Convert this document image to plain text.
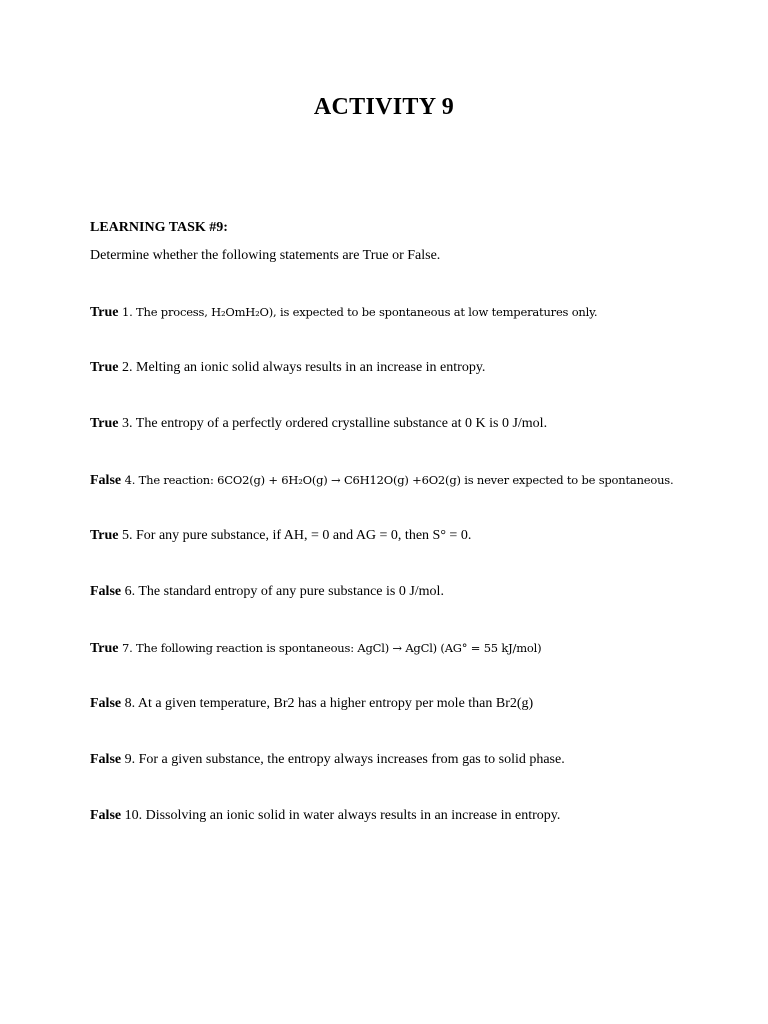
ACTIVITY 9
LEARNING TASK #9:
Determine whether the following statements are True or False.
True 1. The process, H₂OmH₂O), is expected to be spontaneous at low temperatures only.
True 2. Melting an ionic solid always results in an increase in entropy.
True 3. The entropy of a perfectly ordered crystalline substance at 0 K is 0 J/mol.
False 4. The reaction: 6CO2(g) + 6H₂O(g) → C6H12O(g) +6O2(g) is never expected to be spontaneous.
True 5. For any pure substance, if AH, = 0 and AG = 0, then S° = 0.
False 6. The standard entropy of any pure substance is 0 J/mol.
True 7. The following reaction is spontaneous: AgCl) → AgCl) (AG° = 55 kJ/mol)
False 8. At a given temperature, Br2 has a higher entropy per mole than Br2(g)
False 9. For a given substance, the entropy always increases from gas to solid phase.
False 10. Dissolving an ionic solid in water always results in an increase in entropy.
